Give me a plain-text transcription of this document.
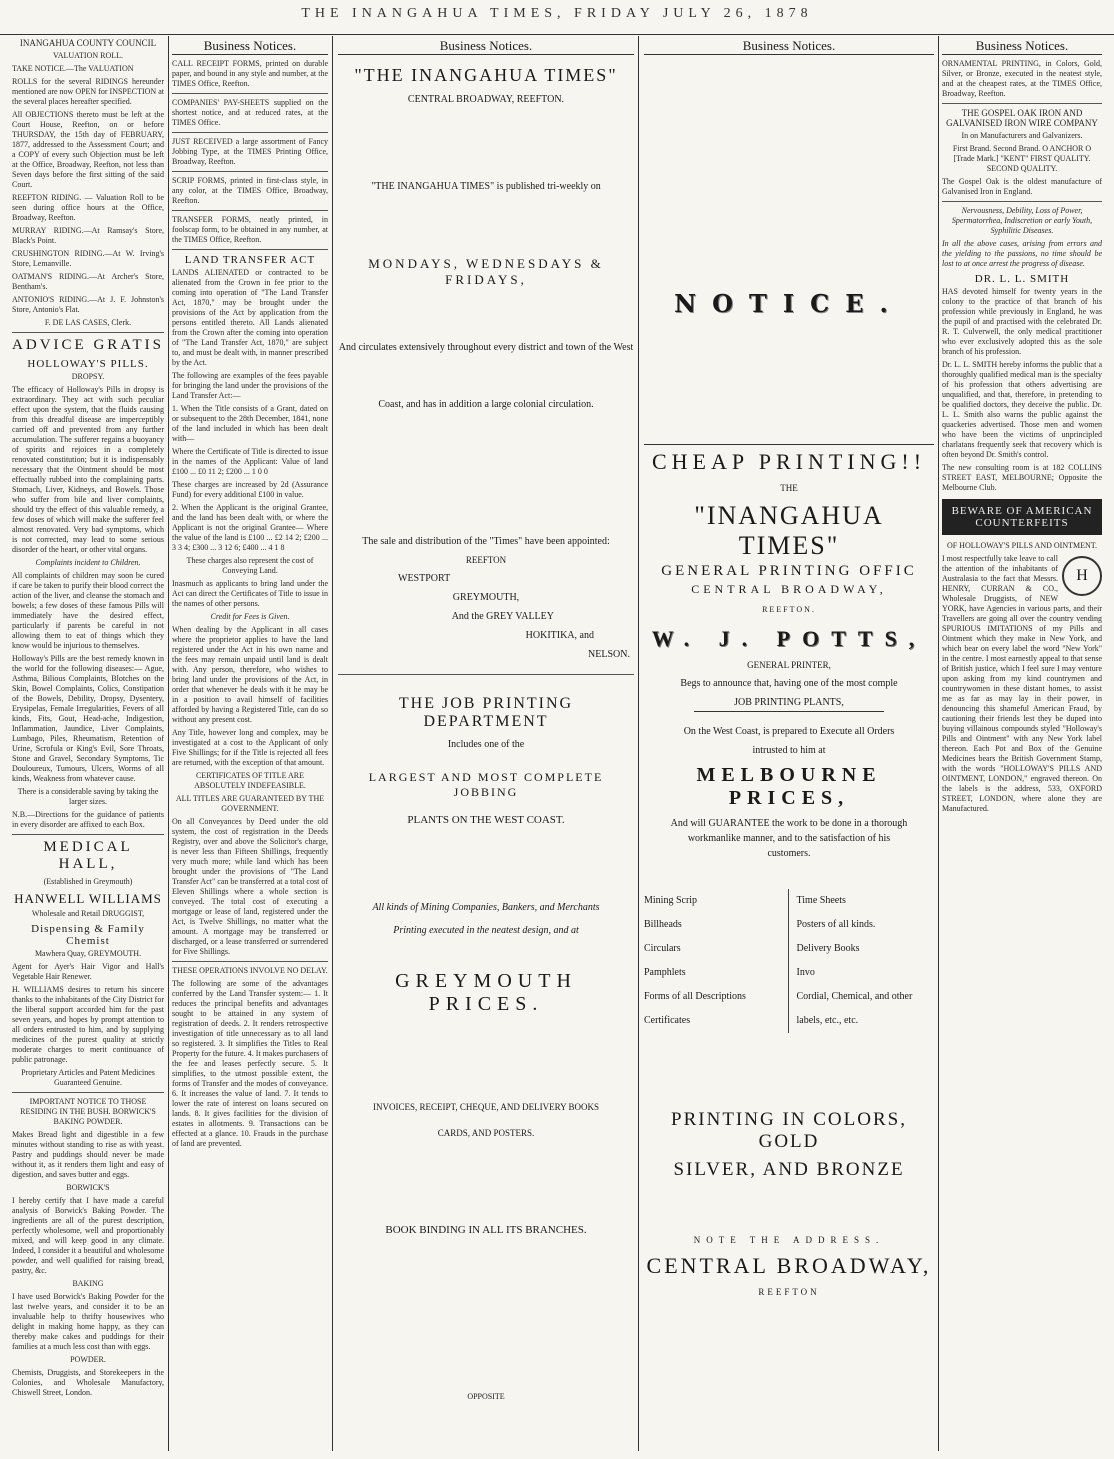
THE INANGAHUA TIMES, FRIDAY JULY 26, 1878
INANGAHUA COUNTY COUNCIL
VALUATION ROLL.
TAKE NOTICE.—The VALUATION
ROLLS for the several RIDINGS hereunder mentioned are now OPEN for INSPECTION at the several places hereafter specified.
All OBJECTIONS thereto must be left at the Court House, Reefton, on or before THURSDAY, the 15th day of FEBRUARY, 1877, addressed to the Assessment Court; and a COPY of every such Objection must be left at the Office, Broadway, Reefton, not less than Seven days before the first sitting of the said Court.
REEFTON RIDING. — Valuation Roll to be seen during office hours at the Office, Broadway, Reefton.
MURRAY RIDING.—At Ramsay's Store, Black's Point.
CRUSHINGTON RIDING.—At W. Irving's Store, Lemanville.
OATMAN'S RIDING.—At Archer's Store, Bentham's.
ANTONIO'S RIDING.—At J. F. Johnston's Store, Antonio's Flat.
F. DE LAS CASES, Clerk.
ADVICE GRATIS
HOLLOWAY'S PILLS.
DROPSY.
The efficacy of Holloway's Pills in dropsy is extraordinary. They act with such peculiar effect upon the system, that the fluids causing from this dreadful disease are imperceptibly carried off and prevented from any further accumulation. The sufferer regains a buoyancy of spirits and rejoices in a completely renovated constitution; but it is indispensably necessary that the Ointment should be most effectually rubbed into the complaining parts. Stomach, Liver, Kidneys, and Bowels. Those who suffer from bile and liver complaints, should try the effect of this valuable remedy, a few doses of which will make the sufferer feel almost renovated. Very bad symptoms, which is not corrected, may lead to some serious disorder of the heart, or other vital organs.
Complaints incident to Children.
All complaints of children may soon be cured if care be taken to purify their blood correct the action of the liver, and cleanse the stomach and bowels; a few doses of these famous Pills will immediately have the desired effect, particularly if parents be careful in not allowing them to eat of things which they know would be injurious to themselves.
Holloway's Pills are the best remedy known in the world for the following diseases:— Ague, Asthma, Bilious Complaints, Blotches on the Skin, Bowel Complaints, Colics, Constipation of the Bowels, Debility, Dropsy, Dysentery, Erysipelas, Female Irregularities, Fevers of all kinds, Fits, Gout, Head-ache, Indigestion, Inflammation, Jaundice, Liver Complaints, Lumbago, Piles, Rheumatism, Retention of Urine, Scrofula or King's Evil, Sore Throats, Stone and Gravel, Secondary Symptoms, Tic Douloureux, Tumours, Ulcers, Worms of all kinds, Weakness from whatever cause.
There is a considerable saving by taking the larger sizes.
N.B.—Directions for the guidance of patients in every disorder are affixed to each Box.
MEDICAL HALL,
(Established in Greymouth)
HANWELL WILLIAMS
Wholesale and Retail DRUGGIST,
Dispensing & Family Chemist
Mawhera Quay, GREYMOUTH.
Agent for Ayer's Hair Vigor and Hall's Vegetable Hair Renewer.
H. WILLIAMS desires to return his sincere thanks to the inhabitants of the City District for the liberal support accorded him for the past seven years, and hopes by prompt attention to all orders entrusted to him, and by supplying medicines of the purest quality at strictly moderate charges to merit continuance of public patronage.
Proprietary Articles and Patent Medicines Guaranteed Genuine.
IMPORTANT NOTICE TO THOSE RESIDING IN THE BUSH. BORWICK'S BAKING POWDER.
Makes Bread light and digestible in a few minutes without standing to rise as with yeast. Pastry and puddings should never be made without it, as it renders them light and easy of digestion, and saves butter and eggs.
BORWICK'S
I hereby certify that I have made a careful analysis of Borwick's Baking Powder. The ingredients are all of the purest description, perfectly wholesome, well and proportionably mixed, and will keep good in any climate. Indeed, I consider it a beautiful and wholesome powder, and well qualified for raising bread, pastry, &c.
BAKING
I have used Borwick's Baking Powder for the last twelve years, and consider it to be an invaluable help to thrifty housewives who delight in making home happy, as they can thereby make cakes and puddings for their families at a much less cost than with eggs.
POWDER.
Chemists, Druggists, and Storekeepers in the Colonies, and Wholesale Manufactory, Chiswell Street, London.
Business Notices.
CALL RECEIPT FORMS, printed on durable paper, and bound in any style and number, at the TIMES Office, Reefton.
COMPANIES' PAY-SHEETS supplied on the shortest notice, and at reduced rates, at the TIMES Office.
JUST RECEIVED a large assortment of Fancy Jobbing Type, at the TIMES Printing Office, Broadway, Reefton.
SCRIP FORMS, printed in first-class style, in any color, at the TIMES Office, Broadway, Reefton.
TRANSFER FORMS, neatly printed, in foolscap form, to be obtained in any number, at the TIMES Office, Reefton.
LAND TRANSFER ACT
LANDS ALIENATED or contracted to be alienated from the Crown in fee prior to the coming into operation of "The Land Transfer Act, 1870," may be brought under the provisions of the Act by application from the persons entitled thereto. All Lands alienated from the Crown after the coming into operation of "The Land Transfer Act, 1870," are subject to, and must be dealt with, in manner prescribed by the Act.
The following are examples of the fees payable for bringing the land under the provisions of the Land Transfer Act:—
1. When the Title consists of a Grant, dated on or subsequent to the 28th December, 1841, none of the land included in which has been dealt with—
Where the Certificate of Title is directed to issue in the names of the Applicant: Value of land £100 ... £0 11 2; £200 ... 1 0 0
These charges are increased by 2d (Assurance Fund) for every additional £100 in value.
2. When the Applicant is the original Grantee, and the land has been dealt with, or where the Applicant is not the original Grantee— Where the value of the land is £100 ... £2 14 2; £200 ... 3 3 4; £300 ... 3 12 6; £400 ... 4 1 8
These charges also represent the cost of Conveying Land.
Inasmuch as applicants to bring land under the Act can direct the Certificates of Title to issue in the names of other persons.
Credit for Fees is Given.
When dealing by the Applicant in all cases where the proprietor applies to have the land registered under the Act in his own name and the fees may remain unpaid until land is dealt with. Any person, therefore, who wishes to bring land under the provisions of the Act, in order that whenever he deals with it he may be in a position to avail himself of facilities afforded by having a Registered Title, can do so without any present cost.
Any Title, however long and complex, may be investigated at a cost to the Applicant of only Five Shillings; for if the Title is rejected all fees are returned, with the exception of that amount.
CERTIFICATES OF TITLE ARE ABSOLUTELY INDEFEASIBLE.
ALL TITLES ARE GUARANTEED BY THE GOVERNMENT.
On all Conveyances by Deed under the old system, the cost of registration in the Deeds Registry, over and above the Solicitor's charge, is never less than Fifteen Shillings, frequently very much more; while land which has been brought under the provisions of "The Land Transfer Act" can be transferred at a total cost of Eleven Shillings where a whole section is conveyed. The total cost of executing a mortgage or lease of land, registered under the Act, is Twelve Shillings, no matter what the amount. A mortgage may be transferred or discharged, or a lease transferred or surrendered for Five Shillings.
THESE OPERATIONS INVOLVE NO DELAY.
The following are some of the advantages conferred by the Land Transfer system:— 1. It reduces the principal benefits and advantages sought to be attained in any system of registration of deeds. 2. It renders retrospective investigation of title unnecessary as to all land so registered. 3. It simplifies the Titles to Real Property for the future. 4. It makes purchasers of the fee and leases perfectly secure. 5. It simplifies, to the utmost possible extent, the forms of Transfer and the modes of conveyance. 6. It increases the value of land. 7. It tends to lower the rate of interest on loans secured on lands. 8. It gives facilities for the division of estates in allotments. 9. Transactions can be effected at a glance. 10. Frauds in the purchase of land are prevented.
Business Notices.
"THE INANGAHUA TIMES"
CENTRAL BROADWAY, REEFTON.
"THE INANGAHUA TIMES" is published tri-weekly on
MONDAYS, WEDNESDAYS & FRIDAYS,
And circulates extensively throughout every district and town of the West
Coast, and has in addition a large colonial circulation.
The sale and distribution of the "Times" have been appointed:
REEFTON
WESTPORT
GREYMOUTH,
And the GREY VALLEY
HOKITIKA, and
NELSON.
THE JOB PRINTING DEPARTMENT
Includes one of the
LARGEST AND MOST COMPLETE JOBBING
PLANTS ON THE WEST COAST.
All kinds of Mining Companies, Bankers, and Merchants
Printing executed in the neatest design, and at
GREYMOUTH PRICES.
INVOICES, RECEIPT, CHEQUE, AND DELIVERY BOOKS
CARDS, AND POSTERS.
BOOK BINDING IN ALL ITS BRANCHES.
OPPOSITE
Business Notices.
NOTICE.
CHEAP PRINTING!!
THE
"INANGAHUA TIMES"
GENERAL PRINTING OFFIC
CENTRAL BROADWAY,
REEFTON.
W. J. POTTS,
GENERAL PRINTER,
Begs to announce that, having one of the most comple
JOB PRINTING PLANTS,
On the West Coast, is prepared to Execute all Orders
intrusted to him at
MELBOURNE PRICES,
And will GUARANTEE the work to be done in a thorough
workmanlike manner, and to the satisfaction of his
customers.
Mining Scrip
Billheads
Circulars
Pamphlets
Forms of all Descriptions
Certificates
Time Sheets
Posters of all kinds.
Delivery Books
Invo
Cordial, Chemical, and other
labels, etc., etc.
PRINTING IN COLORS, GOLD
SILVER, AND BRONZE
NOTE THE ADDRESS.
CENTRAL BROADWAY,
REEFTON
Business Notices.
ORNAMENTAL PRINTING, in Colors, Gold, Silver, or Bronze, executed in the neatest style, and at the cheapest rates, at the TIMES Office, Broadway, Reefton.
THE GOSPEL OAK IRON AND GALVANISED IRON WIRE COMPANY
In on Manufacturers and Galvanizers.
First Brand. Second Brand. O ANCHOR O [Trade Mark.] "KENT" FIRST QUALITY. SECOND QUALITY.
The Gospel Oak is the oldest manufacture of Galvanised Iron in England.
Nervousness, Debility, Loss of Power, Spermatorrhea, Indiscretion or early Youth, Syphilitic Diseases.
In all the above cases, arising from errors and the yielding to the passions, no time should be lost to at once arrest the progress of disease.
DR. L. L. SMITH
HAS devoted himself for twenty years in the colony to the practice of that branch of his profession while previously in England, he was the pupil of and practised with the celebrated Dr. R. T. Culverwell, the only medical practitioner who ever exclusively adopted this as the sole branch of his profession.
Dr. L. L. SMITH hereby informs the public that a thoroughly qualified medical man is the specialty of his profession that others advertising are unqualified, and that, therefore, in pretending to be qualified doctors, they deceive the public. Dr. L. L. Smith also warns the public against the quackeries advertised. Those men and women who have been the victims of unprincipled charlatans frequently seek that recovery which is often beyond Dr. Smith's control.
The new consulting room is at 182 COLLINS STREET EAST, MELBOURNE; Opposite the Melbourne Club.
BEWARE OF AMERICAN COUNTERFEITS
OF HOLLOWAY'S PILLS AND OINTMENT.
H
I most respectfully take leave to call the attention of the inhabitants of Australasia to the fact that Messrs. HENRY, CURRAN & CO., Wholesale Druggists, of NEW YORK, have Agencies in various parts, and their Travellers are going all over the country vending SPURIOUS IMITATIONS of my Pills and Ointment which they make in New York, and which bear on every label the word "New York" in the centre. I most earnestly appeal to that sense of British justice, which I feel sure I may venture upon asking from my kind countrymen and countrywomen in these distant homes, to assist me as far as may lay in their power, in denouncing this shameful American Fraud, by cautioning their friends lest they be duped into buying villainous compounds styled "Holloway's Pills and Ointment" with any New York label thereon. Each Pot and Box of the Genuine Medicines bears the British Government Stamp, with the words "HOLLOWAY'S PILLS AND OINTMENT, LONDON," engraved thereon. On the labels is the address, 533, OXFORD STREET, LONDON, where alone they are Manufactured.
